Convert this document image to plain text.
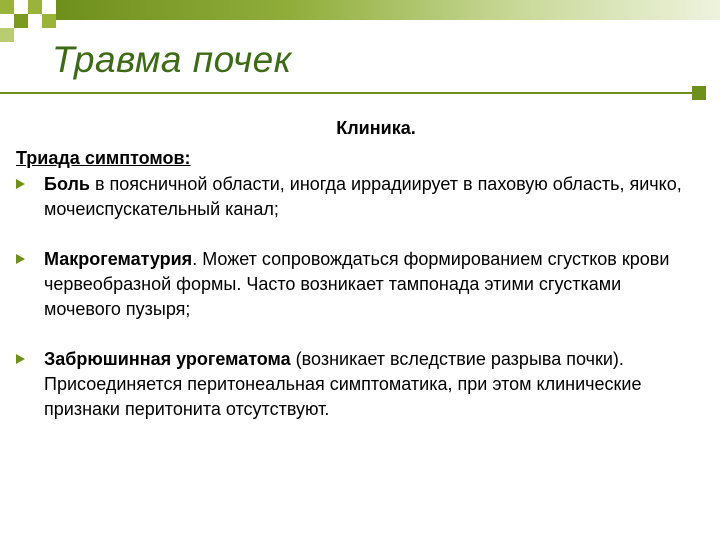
Травма почек

Клиника.

Триада симптомов:

Боль в поясничной области, иногда иррадиирует в паховую область, яичко, мочеиспускательный канал;
Макрогематурия. Может сопровождаться формированием сгустков крови червеобразной формы. Часто возникает тампонада этими сгустками мочевого пузыря;
Забрюшинная урогематома (возникает вследствие разрыва почки). Присоединяется перитонеальная симптоматика, при этом клинические признаки перитонита отсутствуют.
